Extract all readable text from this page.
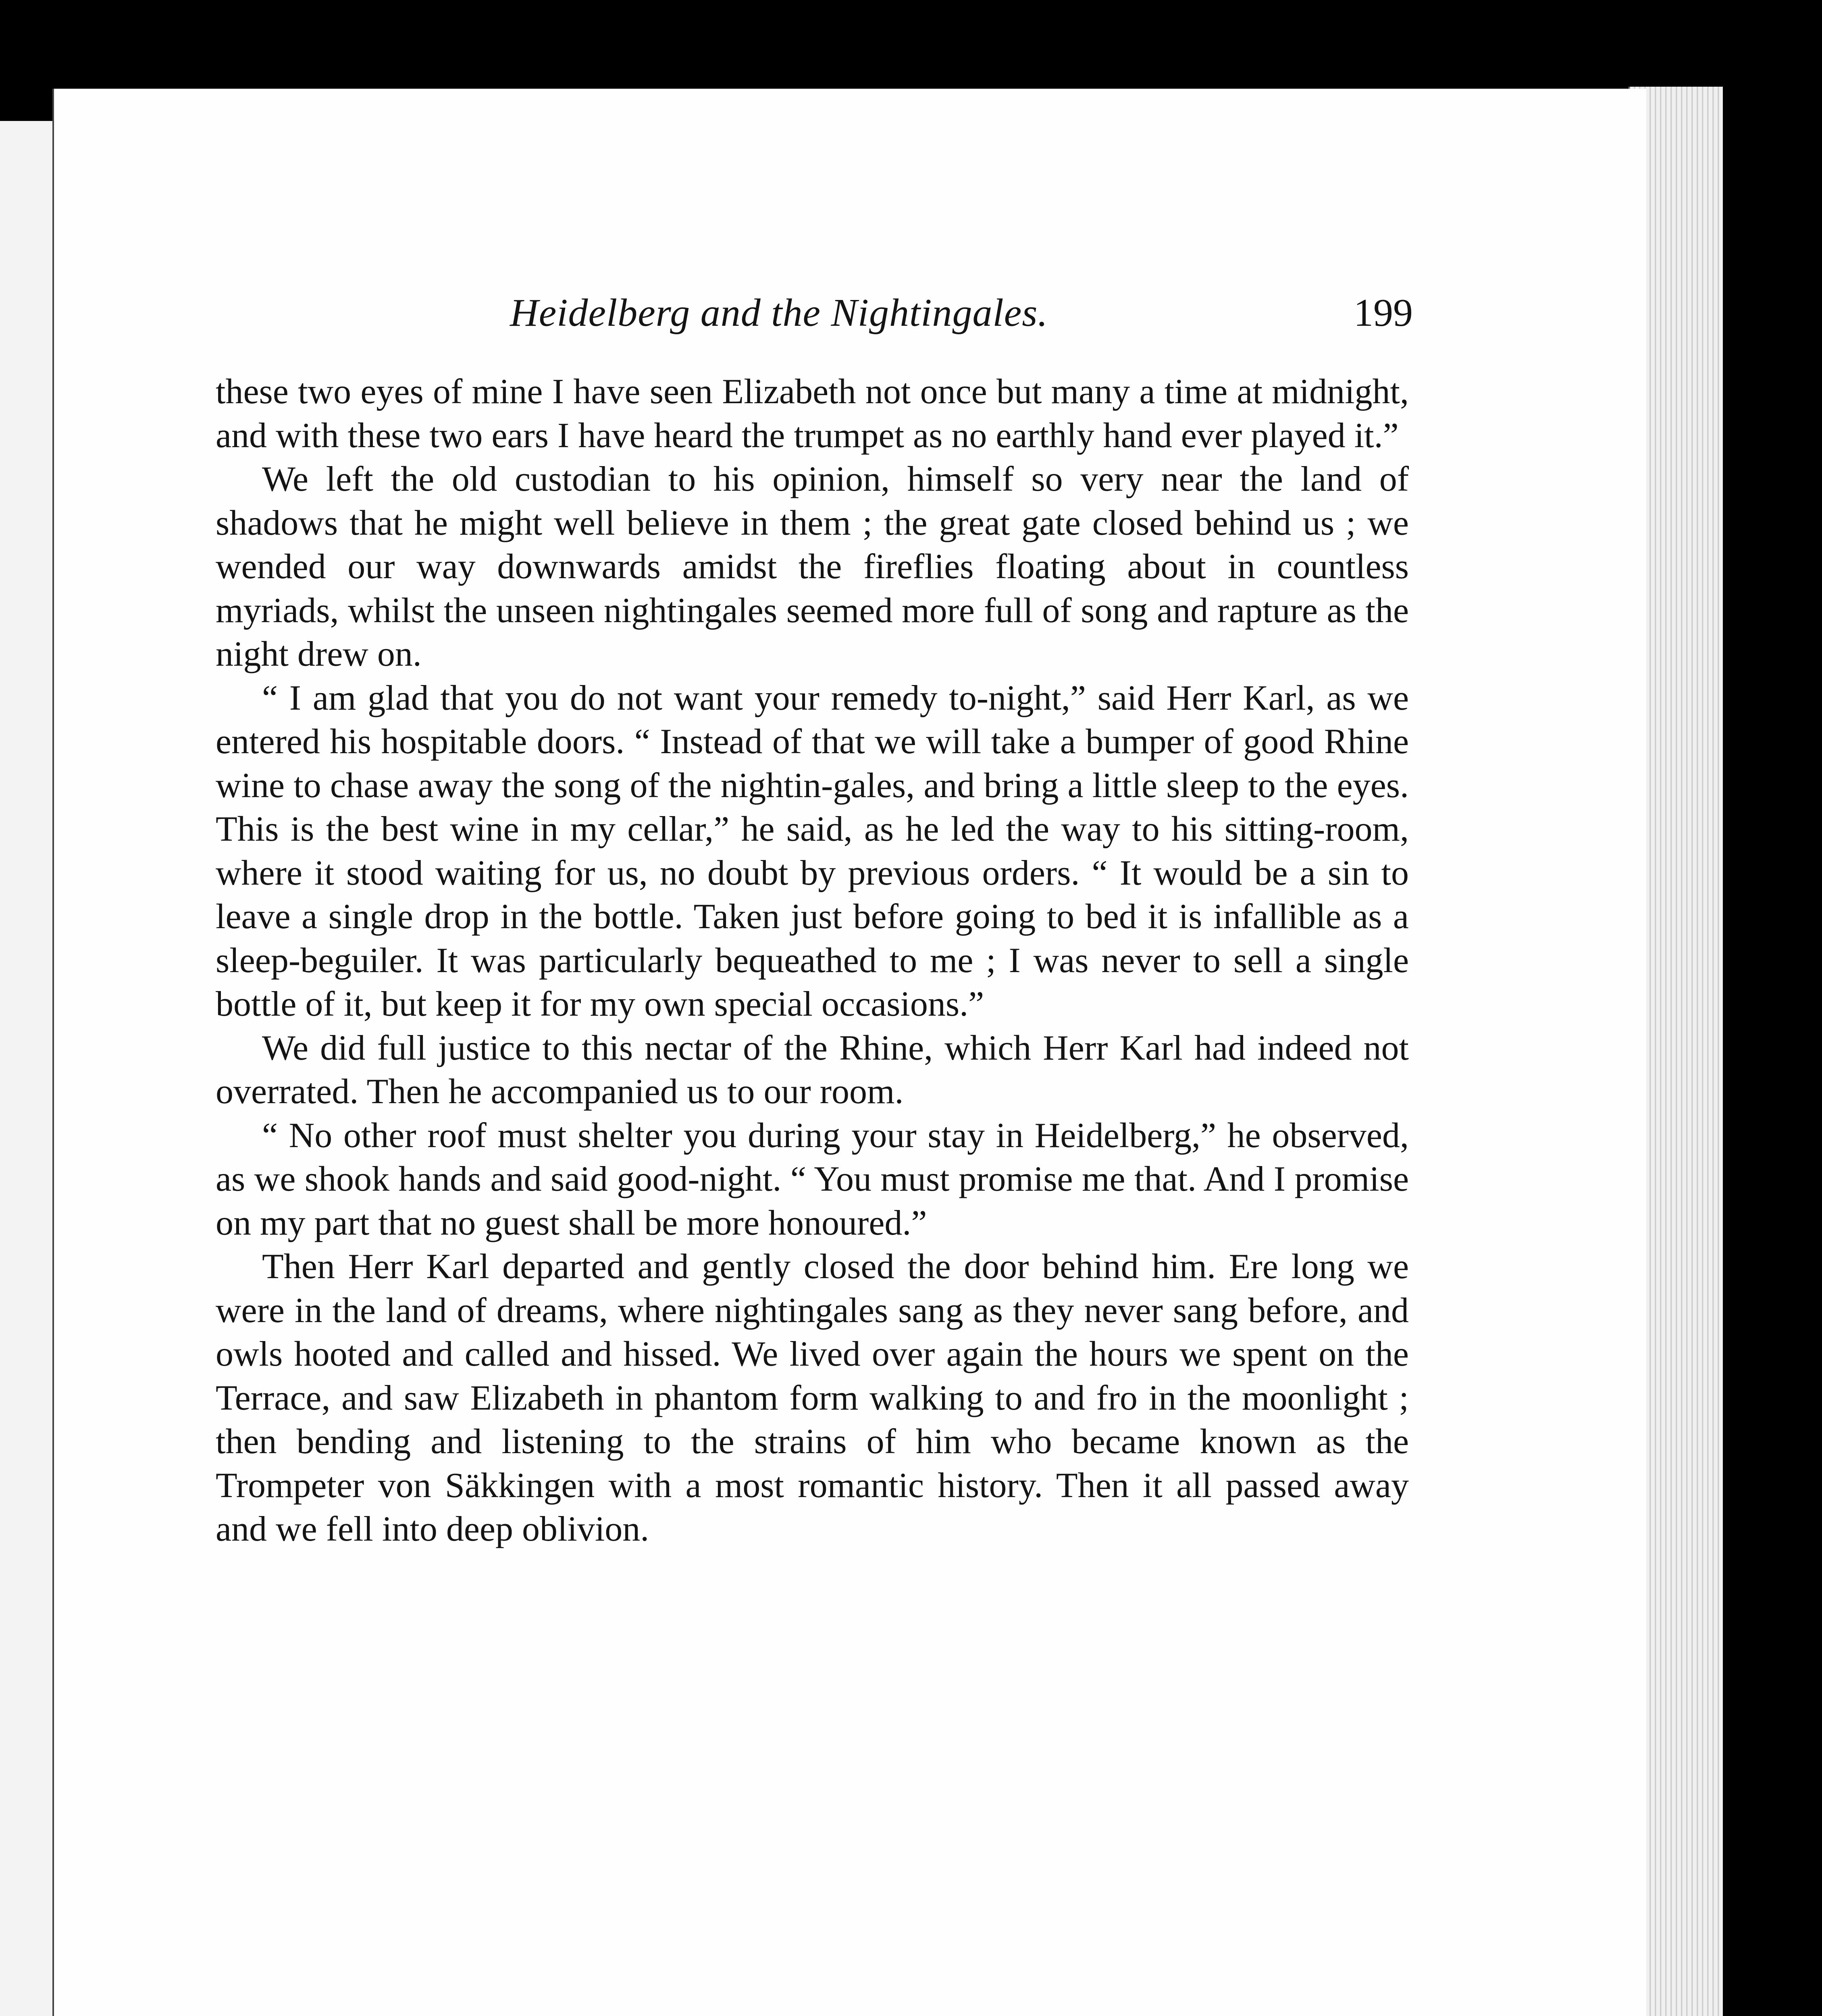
Heidelberg and the Nightingales.	199

these two eyes of mine I have seen Elizabeth not once but many a time at midnight, and with these two ears I have heard the trumpet as no earthly hand ever played it.”

We left the old custodian to his opinion, himself so very near the land of shadows that he might well believe in them ; the great gate closed behind us ; we wended our way downwards amidst the fireflies floating about in countless myriads, whilst the unseen nightingales seemed more full of song and rapture as the night drew on.

“ I am glad that you do not want your remedy to-night,” said Herr Karl, as we entered his hospitable doors. “ Instead of that we will take a bumper of good Rhine wine to chase away the song of the nightin-gales, and bring a little sleep to the eyes. This is the best wine in my cellar,” he said, as he led the way to his sitting-room, where it stood waiting for us, no doubt by previous orders. “ It would be a sin to leave a single drop in the bottle. Taken just before going to bed it is infallible as a sleep-beguiler. It was particularly bequeathed to me ; I was never to sell a single bottle of it, but keep it for my own special occasions.”

We did full justice to this nectar of the Rhine, which Herr Karl had indeed not overrated. Then he accompanied us to our room.

“ No other roof must shelter you during your stay in Heidelberg,” he observed, as we shook hands and said good-night. “ You must promise me that. And I promise on my part that no guest shall be more honoured.”

Then Herr Karl departed and gently closed the door behind him. Ere long we were in the land of dreams, where nightingales sang as they never sang before, and owls hooted and called and hissed. We lived over again the hours we spent on the Terrace, and saw Elizabeth in phantom form walking to and fro in the moonlight ; then bending and listening to the strains of him who became known as the Trompeter von Säkkingen with a most romantic history. Then it all passed away and we fell into deep oblivion.
